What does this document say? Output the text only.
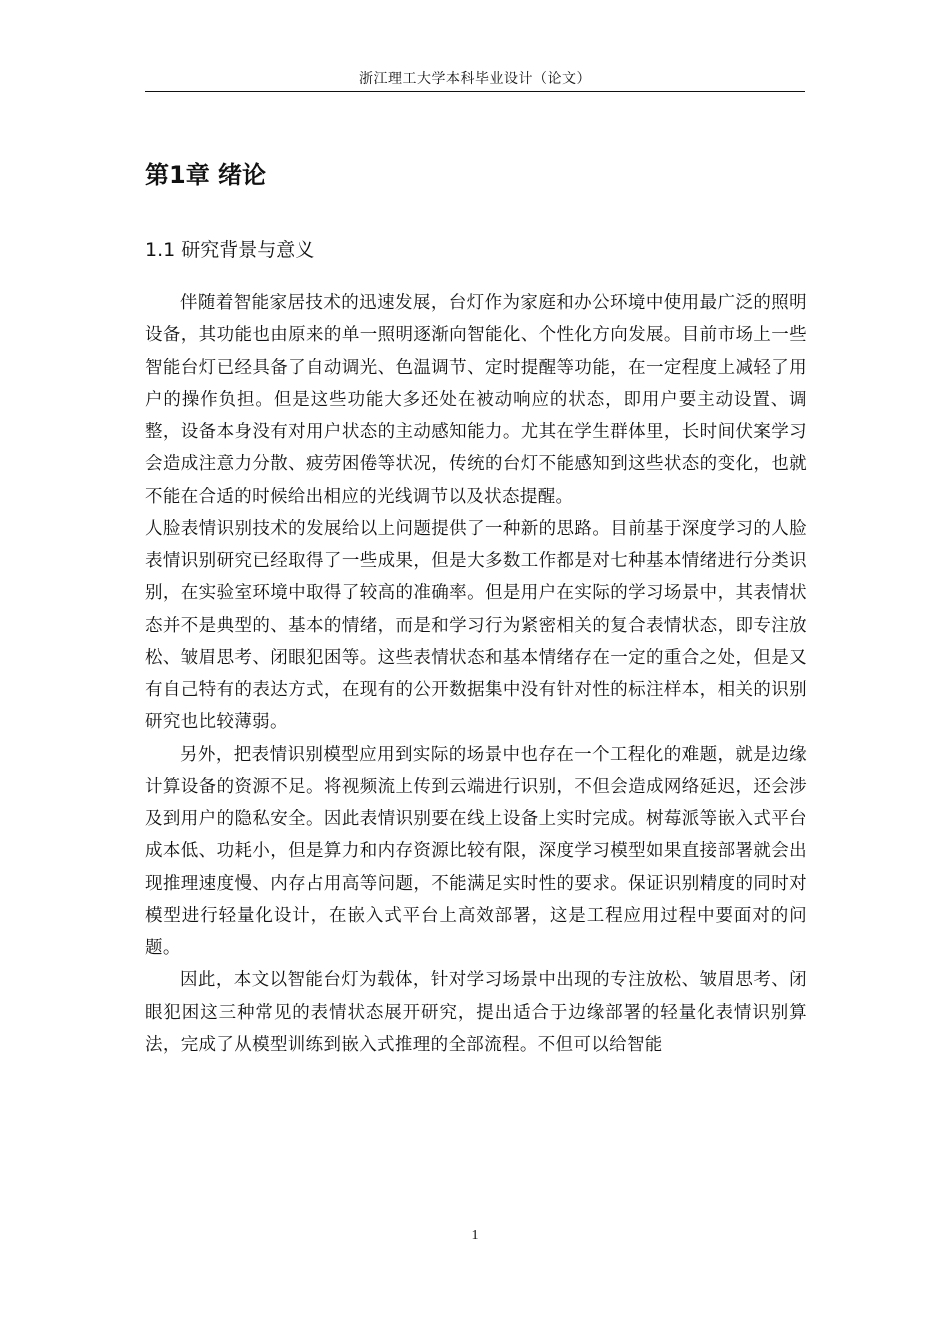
浙江理工大学本科毕业设计（论文）
第1章 绪论
1.1 研究背景与意义

伴随着智能家居技术的迅速发展，台灯作为家庭和办公环境中使用最广泛的照明设备，其功能也由原来的单一照明逐渐向智能化、个性化方向发展。目前市场上一些智能台灯已经具备了自动调光、色温调节、定时提醒等功能，在一定程度上减轻了用户的操作负担。但是这些功能大多还处在被动响应的状态，即用户要主动设置、调整，设备本身没有对用户状态的主动感知能力。尤其在学生群体里，长时间伏案学习会造成注意力分散、疲劳困倦等状况，传统的台灯不能感知到这些状态的变化，也就不能在合适的时候给出相应的光线调节以及状态提醒。

人脸表情识别技术的发展给以上问题提供了一种新的思路。目前基于深度学习的人脸表情识别研究已经取得了一些成果，但是大多数工作都是对七种基本情绪进行分类识别，在实验室环境中取得了较高的准确率。但是用户在实际的学习场景中，其表情状态并不是典型的、基本的情绪，而是和学习行为紧密相关的复合表情状态，即专注放松、皱眉思考、闭眼犯困等。这些表情状态和基本情绪存在一定的重合之处，但是又有自己特有的表达方式，在现有的公开数据集中没有针对性的标注样本，相关的识别研究也比较薄弱。

另外，把表情识别模型应用到实际的场景中也存在一个工程化的难题，就是边缘计算设备的资源不足。将视频流上传到云端进行识别，不但会造成网络延迟，还会涉及到用户的隐私安全。因此表情识别要在线上设备上实时完成。树莓派等嵌入式平台成本低、功耗小，但是算力和内存资源比较有限，深度学习模型如果直接部署就会出现推理速度慢、内存占用高等问题，不能满足实时性的要求。保证识别精度的同时对模型进行轻量化设计，在嵌入式平台上高效部署，这是工程应用过程中要面对的问题。

因此，本文以智能台灯为载体，针对学习场景中出现的专注放松、皱眉思考、闭眼犯困这三种常见的表情状态展开研究，提出适合于边缘部署的轻量化表情识别算法，完成了从模型训练到嵌入式推理的全部流程。不但可以给智能

1
